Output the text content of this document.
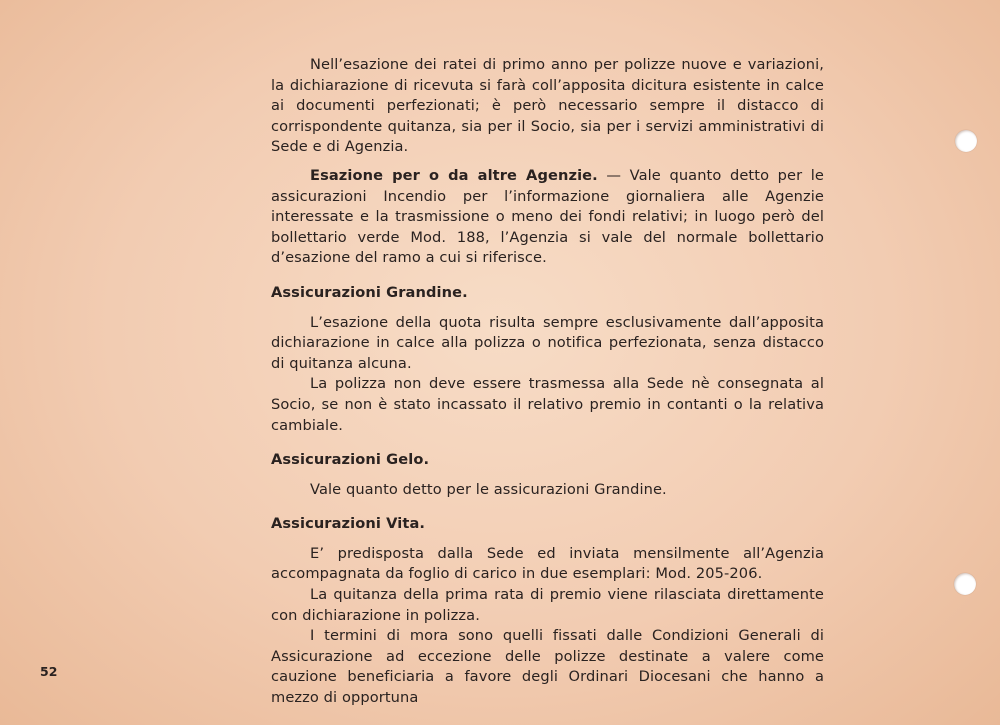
Nell’esazione dei ratei di primo anno per polizze nuove e variazioni, la dichiarazione di ricevuta si farà coll’apposita dicitura esistente in calce ai documenti perfezionati; è però necessario sempre il distacco di corrispondente quitanza, sia per il Socio, sia per i servizi amministrativi di Sede e di Agenzia.

Esazione per o da altre Agenzie. — Vale quanto detto per le assicurazioni Incendio per l’informazione giornaliera alle Agenzie interessate e la trasmissione o meno dei fondi relativi; in luogo però del bollettario verde Mod. 188, l’Agenzia si vale del normale bollettario d’esazione del ramo a cui si riferisce.

Assicurazioni Grandine.

L’esazione della quota risulta sempre esclusivamente dall’apposita dichiarazione in calce alla polizza o notifica perfezionata, senza distacco di quitanza alcuna.

La polizza non deve essere trasmessa alla Sede nè consegnata al Socio, se non è stato incassato il relativo premio in contanti o la relativa cambiale.

Assicurazioni Gelo.

Vale quanto detto per le assicurazioni Grandine.

Assicurazioni Vita.

E’ predisposta dalla Sede ed inviata mensilmente all’Agenzia accompagnata da foglio di carico in due esemplari: Mod. 205-206.

La quitanza della prima rata di premio viene rilasciata direttamente con dichiarazione in polizza.

I termini di mora sono quelli fissati dalle Condizioni Generali di Assicurazione ad eccezione delle polizze destinate a valere come cauzione beneficiaria a favore degli Ordinari Diocesani che hanno a mezzo di opportuna

52
